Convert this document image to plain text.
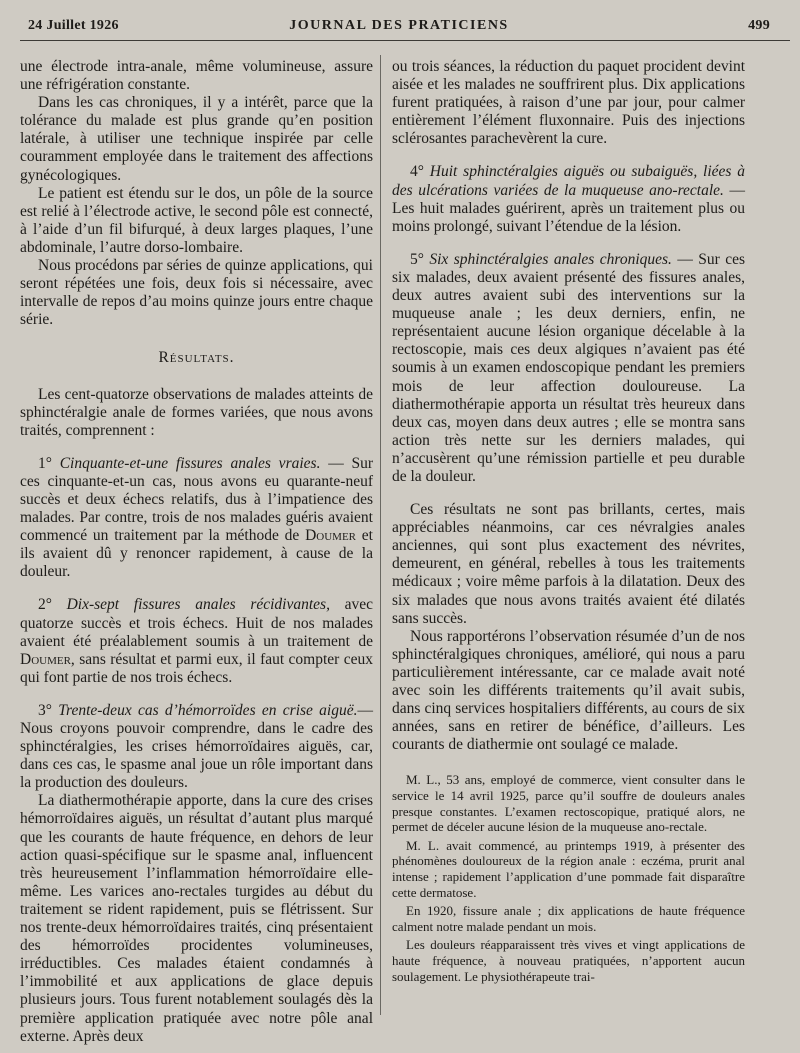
24 Juillet 1926	JOURNAL DES PRATICIENS	499

une électrode intra-anale, même volumineuse, assure une réfrigération constante.

Dans les cas chroniques, il y a intérêt, parce que la tolérance du malade est plus grande qu’en position latérale, à utiliser une technique inspirée par celle couramment employée dans le traitement des affections gynécologiques.

Le patient est étendu sur le dos, un pôle de la source est relié à l’électrode active, le second pôle est connecté, à l’aide d’un fil bifurqué, à deux larges plaques, l’une abdominale, l’autre dorso-lombaire.

Nous procédons par séries de quinze applications, qui seront répétées une fois, deux fois si nécessaire, avec intervalle de repos d’au moins quinze jours entre chaque série.

Résultats.

Les cent-quatorze observations de malades atteints de sphinctéralgie anale de formes variées, que nous avons traités, comprennent :

1° Cinquante-et-une fissures anales vraies. — Sur ces cinquante-et-un cas, nous avons eu quarante-neuf succès et deux échecs relatifs, dus à l’impatience des malades. Par contre, trois de nos malades guéris avaient commencé un traitement par la méthode de Doumer et ils avaient dû y renoncer rapidement, à cause de la douleur.

2° Dix-sept fissures anales récidivantes, avec quatorze succès et trois échecs. Huit de nos malades avaient été préalablement soumis à un traitement de Doumer, sans résultat et parmi eux, il faut compter ceux qui font partie de nos trois échecs.

3° Trente-deux cas d’hémorroïdes en crise aiguë.— Nous croyons pouvoir comprendre, dans le cadre des sphinctéralgies, les crises hémorroïdaires aiguës, car, dans ces cas, le spasme anal joue un rôle important dans la production des douleurs.

La diathermothérapie apporte, dans la cure des crises hémorroïdaires aiguës, un résultat d’autant plus marqué que les courants de haute fréquence, en dehors de leur action quasi-spécifique sur le spasme anal, influencent très heureusement l’inflammation hémorroïdaire elle-même. Les varices ano-rectales turgides au début du traitement se rident rapidement, puis se flétrissent. Sur nos trente-deux hémorroïdaires traités, cinq présentaient des hémorroïdes procidentes volumineuses, irréductibles. Ces malades étaient condamnés à l’immobilité et aux applications de glace depuis plusieurs jours. Tous furent notablement soulagés dès la première application pratiquée avec notre pôle anal externe. Après deux

ou trois séances, la réduction du paquet procident devint aisée et les malades ne souffrirent plus. Dix applications furent pratiquées, à raison d’une par jour, pour calmer entièrement l’élément fluxonnaire. Puis des injections sclérosantes parachevèrent la cure.

4° Huit sphinctéralgies aiguës ou subaiguës, liées à des ulcérations variées de la muqueuse ano-rectale. — Les huit malades guérirent, après un traitement plus ou moins prolongé, suivant l’étendue de la lésion.

5° Six sphinctéralgies anales chroniques. — Sur ces six malades, deux avaient présenté des fissures anales, deux autres avaient subi des interventions sur la muqueuse anale ; les deux derniers, enfin, ne représentaient aucune lésion organique décelable à la rectoscopie, mais ces deux algiques n’avaient pas été soumis à un examen endoscopique pendant les premiers mois de leur affection douloureuse. La diathermothérapie apporta un résultat très heureux dans deux cas, moyen dans deux autres ; elle se montra sans action très nette sur les derniers malades, qui n’accusèrent qu’une rémission partielle et peu durable de la douleur.

Ces résultats ne sont pas brillants, certes, mais appréciables néanmoins, car ces névralgies anales anciennes, qui sont plus exactement des névrites, demeurent, en général, rebelles à tous les traitements médicaux ; voire même parfois à la dilatation. Deux des six malades que nous avons traités avaient été dilatés sans succès.

Nous rapportérons l’observation résumée d’un de nos sphinctéralgiques chroniques, amélioré, qui nous a paru particulièrement intéressante, car ce malade avait noté avec soin les différents traitements qu’il avait subis, dans cinq services hospitaliers différents, au cours de six années, sans en retirer de bénéfice, d’ailleurs. Les courants de diathermie ont soulagé ce malade.

M. L., 53 ans, employé de commerce, vient consulter dans le service le 14 avril 1925, parce qu’il souffre de douleurs anales presque constantes. L’examen rectoscopique, pratiqué alors, ne permet de déceler aucune lésion de la muqueuse ano-rectale.

M. L. avait commencé, au printemps 1919, à présenter des phénomènes douloureux de la région anale : eczéma, prurit anal intense ; rapidement l’application d’une pommade fait disparaître cette dermatose.

En 1920, fissure anale ; dix applications de haute fréquence calment notre malade pendant un mois.

Les douleurs réapparaissent très vives et vingt applications de haute fréquence, à nouveau pratiquées, n’apportent aucun soulagement. Le physiothérapeute trai-
